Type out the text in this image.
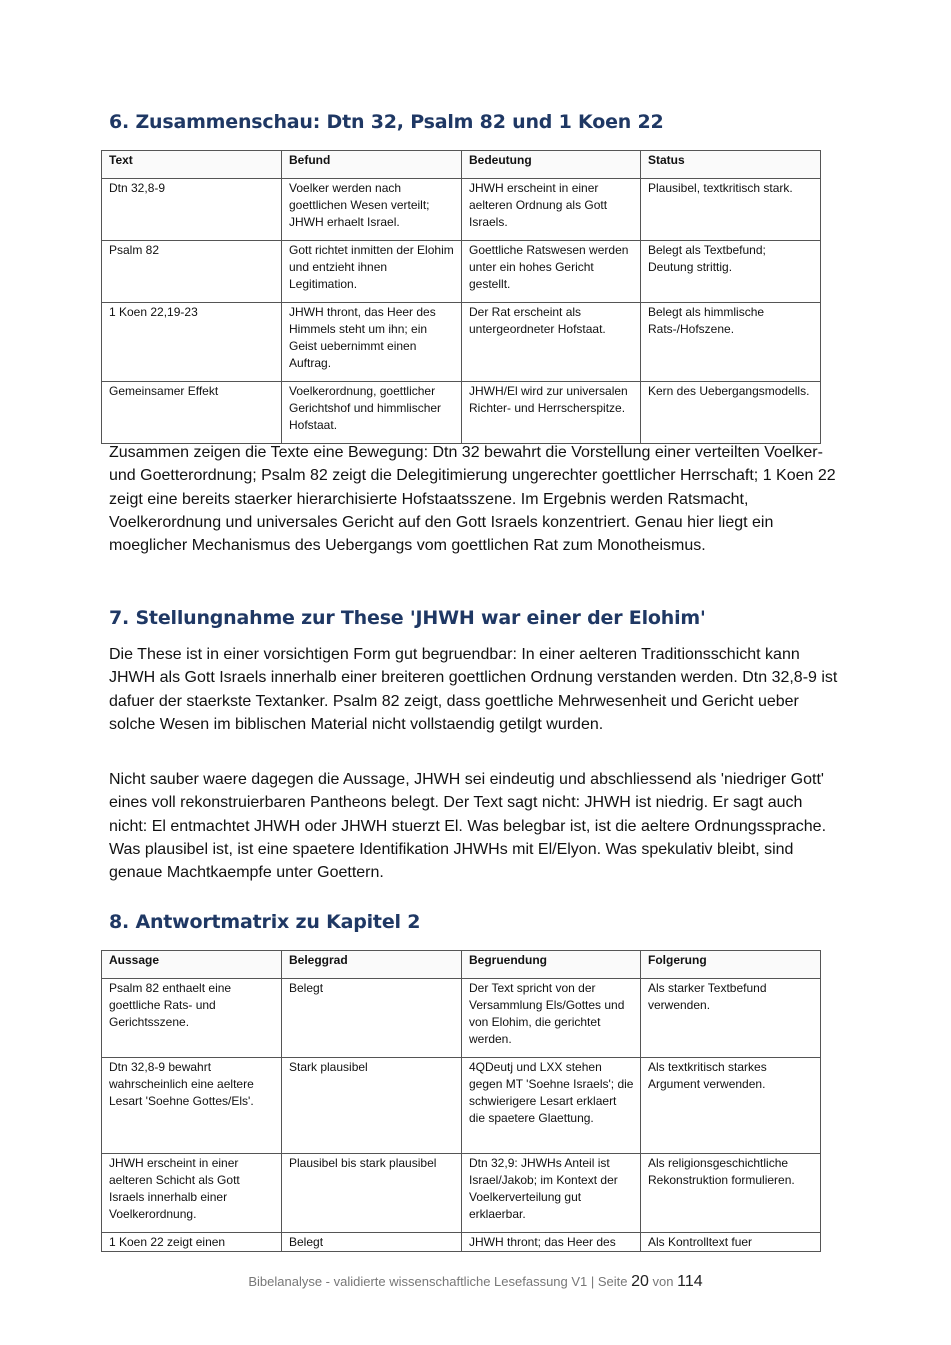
6. Zusammenschau: Dtn 32, Psalm 82 und 1 Koen 22
Text	Befund	Bedeutung	Status
Dtn 32,8-9	Voelker werden nach goettlichen Wesen verteilt; JHWH erhaelt Israel.	JHWH erscheint in einer aelteren Ordnung als Gott Israels.	Plausibel, textkritisch stark.
Psalm 82	Gott richtet inmitten der Elohim und entzieht ihnen Legitimation.	Goettliche Ratswesen werden unter ein hohes Gericht gestellt.	Belegt als Textbefund; Deutung strittig.
1 Koen 22,19-23	JHWH thront, das Heer des Himmels steht um ihn; ein Geist uebernimmt einen Auftrag.	Der Rat erscheint als untergeordneter Hofstaat.	Belegt als himmlische Rats-/Hofszene.
Gemeinsamer Effekt	Voelkerordnung, goettlicher Gerichtshof und himmlischer Hofstaat.	JHWH/El wird zur universalen Richter- und Herrscherspitze.	Kern des Uebergangsmodells.

Zusammen zeigen die Texte eine Bewegung: Dtn 32 bewahrt die Vorstellung einer verteilten Voelker- und Goetterordnung; Psalm 82 zeigt die Delegitimierung ungerechter goettlicher Herrschaft; 1 Koen 22 zeigt eine bereits staerker hierarchisierte Hofstaatsszene. Im Ergebnis werden Ratsmacht, Voelkerordnung und universales Gericht auf den Gott Israels konzentriert. Genau hier liegt ein moeglicher Mechanismus des Uebergangs vom goettlichen Rat zum Monotheismus.

7. Stellungnahme zur These 'JHWH war einer der Elohim'

Die These ist in einer vorsichtigen Form gut begruendbar: In einer aelteren Traditionsschicht kann JHWH als Gott Israels innerhalb einer breiteren goettlichen Ordnung verstanden werden. Dtn 32,8-9 ist dafuer der staerkste Textanker. Psalm 82 zeigt, dass goettliche Mehrwesenheit und Gericht ueber solche Wesen im biblischen Material nicht vollstaendig getilgt wurden.

Nicht sauber waere dagegen die Aussage, JHWH sei eindeutig und abschliessend als 'niedriger Gott' eines voll rekonstruierbaren Pantheons belegt. Der Text sagt nicht: JHWH ist niedrig. Er sagt auch nicht: El entmachtet JHWH oder JHWH stuerzt El. Was belegbar ist, ist die aeltere Ordnungssprache. Was plausibel ist, ist eine spaetere Identifikation JHWHs mit El/Elyon. Was spekulativ bleibt, sind genaue Machtkaempfe unter Goettern.

8. Antwortmatrix zu Kapitel 2
Aussage	Beleggrad	Begruendung	Folgerung
Psalm 82 enthaelt eine goettliche Rats- und Gerichtsszene.	Belegt	Der Text spricht von der Versammlung Els/Gottes und von Elohim, die gerichtet werden.	Als starker Textbefund verwenden.
Dtn 32,8-9 bewahrt wahrscheinlich eine aeltere Lesart 'Soehne Gottes/Els'.	Stark plausibel	4QDeutj und LXX stehen gegen MT 'Soehne Israels'; die schwierigere Lesart erklaert die spaetere Glaettung.	Als textkritisch starkes Argument verwenden.
JHWH erscheint in einer aelteren Schicht als Gott Israels innerhalb einer Voelkerordnung.	Plausibel bis stark plausibel	Dtn 32,9: JHWHs Anteil ist Israel/Jakob; im Kontext der Voelkerverteilung gut erklaerbar.	Als religionsgeschichtliche Rekonstruktion formulieren.
1 Koen 22 zeigt einen	Belegt	JHWH thront; das Heer des	Als Kontrolltext fuer
Bibelanalyse - validierte wissenschaftliche Lesefassung V1 | Seite 20 von 114
